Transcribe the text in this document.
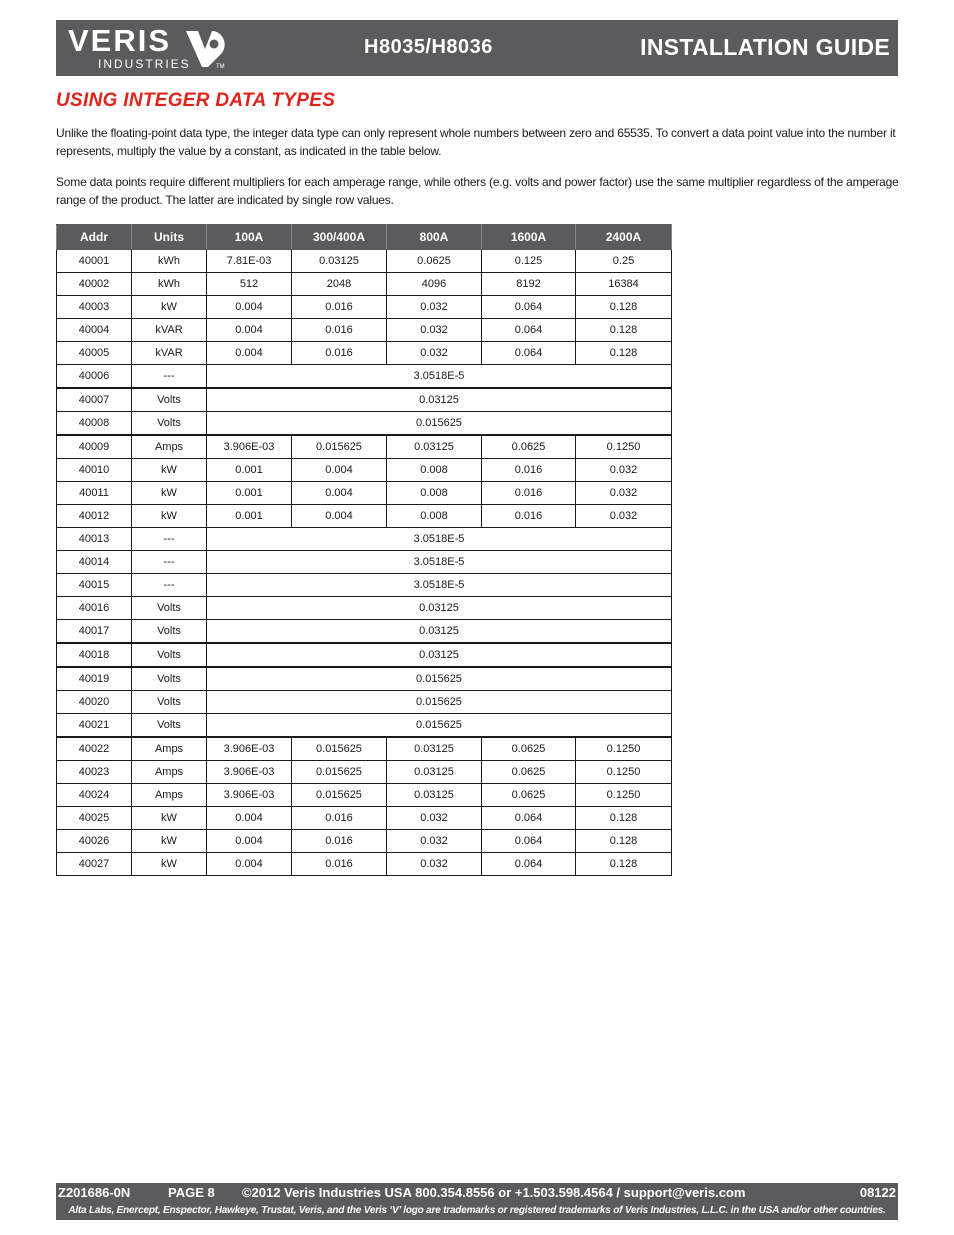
VERIS
INDUSTRIES	TM
H8035/H8036	INSTALLATION GUIDE
USING INTEGER DATA TYPES
Unlike the floating-point data type, the integer data type can only represent whole numbers between zero and 65535. To convert a data point value into the number it represents, multiply the value by a constant, as indicated in the table below.
Some data points require different multipliers for each amperage range, while others (e.g. volts and power factor) use the same multiplier regardless of the amperage range of the product. The latter are indicated by single row values.
Addr	Units	100A	300/400A	800A	1600A	2400A
40001	kWh	7.81E-03	0.03125	0.0625	0.125	0.25
40002	kWh	512	2048	4096	8192	16384
40003	kW	0.004	0.016	0.032	0.064	0.128
40004	kVAR	0.004	0.016	0.032	0.064	0.128
40005	kVAR	0.004	0.016	0.032	0.064	0.128
40006	---	3.0518E-5				
40007	Volts	0.03125				
40008	Volts	0.015625				
40009	Amps	3.906E-03	0.015625	0.03125	0.0625	0.1250
40010	kW	0.001	0.004	0.008	0.016	0.032
40011	kW	0.001	0.004	0.008	0.016	0.032
40012	kW	0.001	0.004	0.008	0.016	0.032
40013	---	3.0518E-5				
40014	---	3.0518E-5				
40015	---	3.0518E-5				
40016	Volts	0.03125				
40017	Volts	0.03125				
40018	Volts	0.03125				
40019	Volts	0.015625				
40020	Volts	0.015625				
40021	Volts	0.015625				
40022	Amps	3.906E-03	0.015625	0.03125	0.0625	0.1250
40023	Amps	3.906E-03	0.015625	0.03125	0.0625	0.1250
40024	Amps	3.906E-03	0.015625	0.03125	0.0625	0.1250
40025	kW	0.004	0.016	0.032	0.064	0.128
40026	kW	0.004	0.016	0.032	0.064	0.128
40027	kW	0.004	0.016	0.032	0.064	0.128
Z201686-0N	PAGE 8 ©2012 Veris Industries USA 800.354.8556 or +1.503.598.4564 / support@veris.com	08122
Alta Labs, Enercept, Enspector, Hawkeye, Trustat, Veris, and the Veris ‘V’ logo are trademarks or registered trademarks of Veris Industries, L.L.C. in the USA and/or other countries.
